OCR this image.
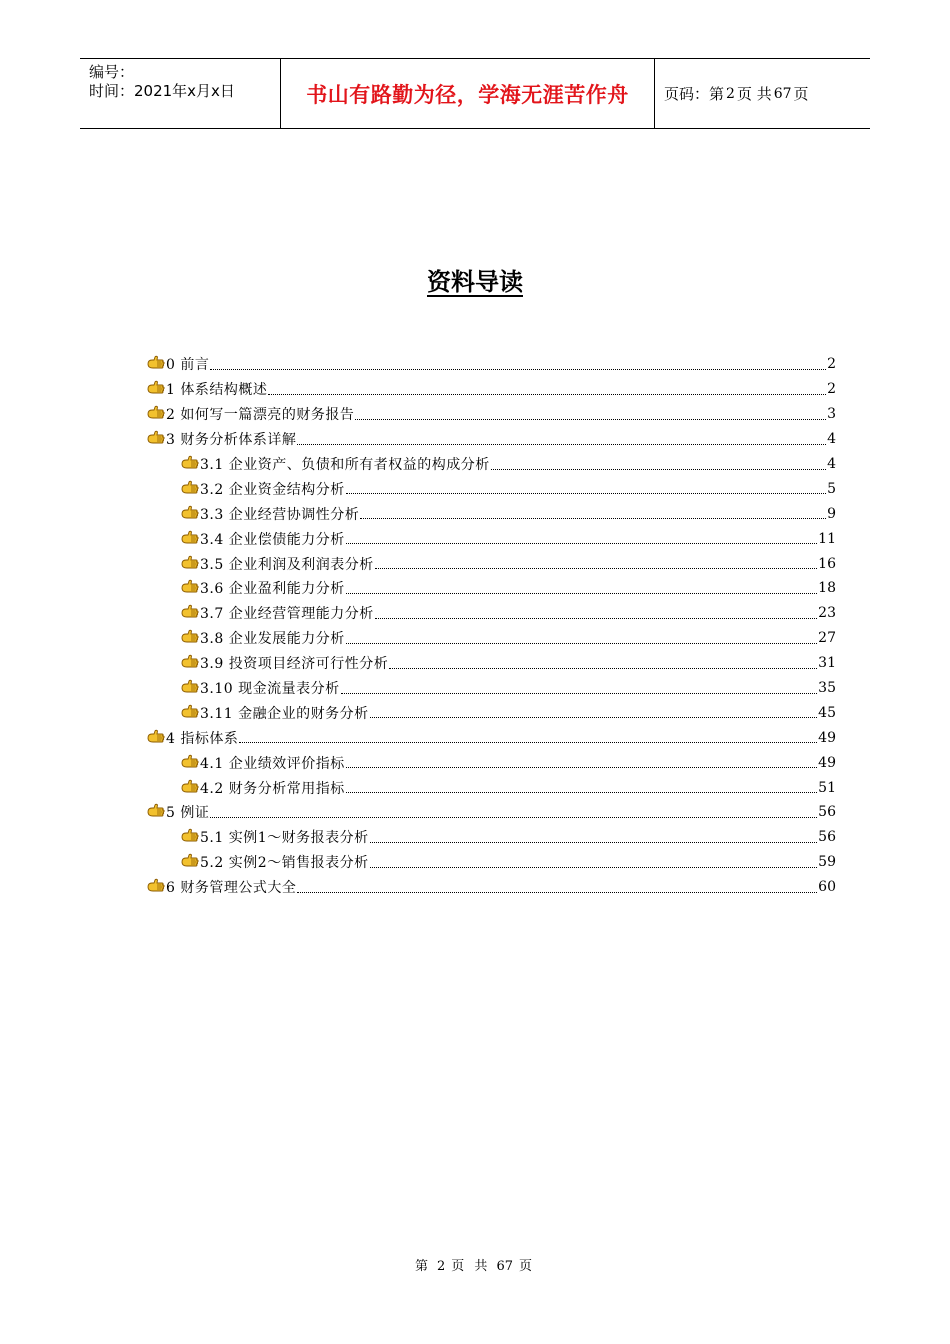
编号：
时间：2021年x月x日	书山有路勤为径，学海无涯苦作舟	页码：第 2 页 共 67 页
资料导读
0 前言	2
1 体系结构概述	2
2 如何写一篇漂亮的财务报告	3
3 财务分析体系详解	4
3.1 企业资产、负债和所有者权益的构成分析	4
3.2 企业资金结构分析	5
3.3 企业经营协调性分析	9
3.4 企业偿债能力分析	11
3.5 企业利润及利润表分析	16
3.6 企业盈利能力分析	18
3.7 企业经营管理能力分析	23
3.8 企业发展能力分析	27
3.9 投资项目经济可行性分析	31
3.10 现金流量表分析	35
3.11 金融企业的财务分析	45
4 指标体系	49
4.1 企业绩效评价指标	49
4.2 财务分析常用指标	51
5 例证	56
5.1 实例1～财务报表分析	56
5.2 实例2～销售报表分析	59
6 财务管理公式大全	60
第 2 页 共 67 页
